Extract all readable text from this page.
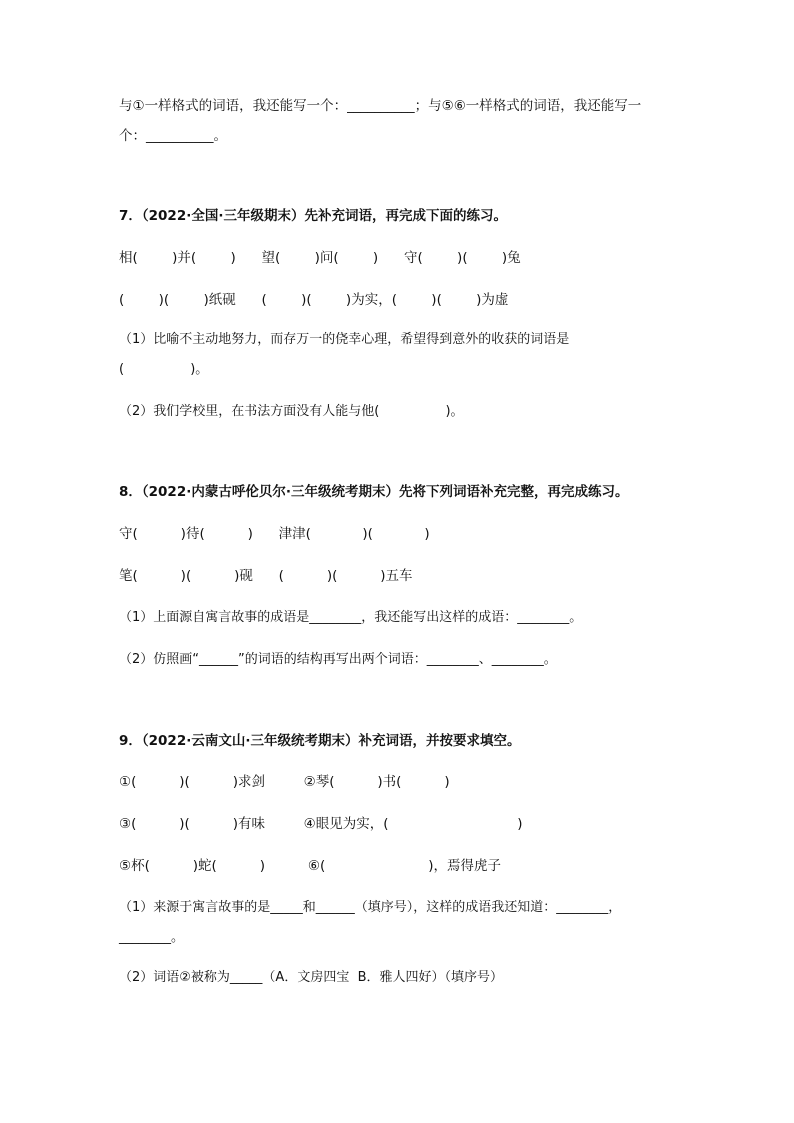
与①一样格式的词语，我还能写一个：__________；与⑤⑥一样格式的词语，我还能写一
个：__________。
7．（2022·全国·三年级期末）先补充词语，再完成下面的练习。
相(        )并(        )      望(        )问(        )      守(        )(        )兔
(        )(        )纸砚      (        )(        )为实，(        )(        )为虚
（1）比喻不主动地努力，而存万一的侥幸心理，希望得到意外的收获的词语是
(                )。
（2）我们学校里，在书法方面没有人能与他(                )。
8．（2022·内蒙古呼伦贝尔·三年级统考期末）先将下列词语补充完整，再完成练习。
守(          )待(          )      津津(            )(            )
笔(          )(          )砚      (          )(          )五车
（1）上面源自寓言故事的成语是________，我还能写出这样的成语：________。
（2）仿照画“______”的词语的结构再写出两个词语：________、________。
9．（2022·云南文山·三年级统考期末）补充词语，并按要求填空。
①(          )(          )求剑         ②琴(          )书(          )
③(          )(          )有味         ④眼见为实，(                              )
⑤杯(          )蛇(          )          ⑥(                        )，焉得虎子
（1）来源于寓言故事的是_____和______（填序号），这样的成语我还知道：________，
________。
（2）词语②被称为_____（A．文房四宝  B．雅人四好）（填序号）
